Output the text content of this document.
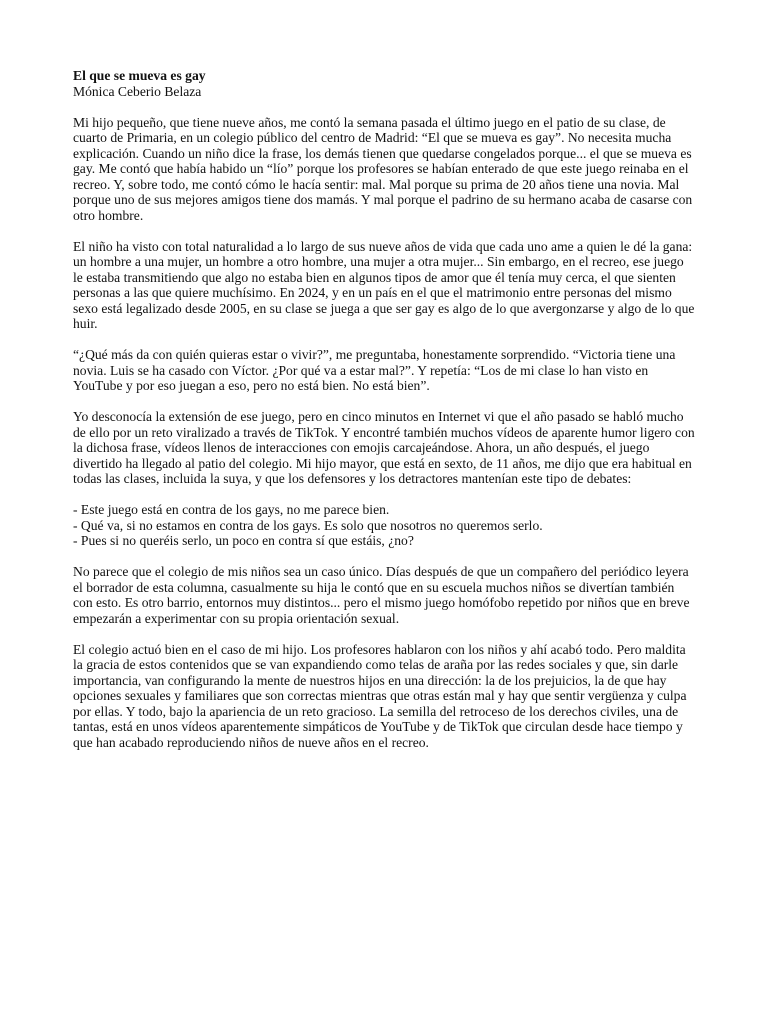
El que se mueva es gay

Mónica Ceberio Belaza

Mi hijo pequeño, que tiene nueve años, me contó la semana pasada el último juego en el patio de su clase, de cuarto de Primaria, en un colegio público del centro de Madrid: “El que se mueva es gay”. No necesita mucha explicación. Cuando un niño dice la frase, los demás tienen que quedarse congelados porque... el que se mueva es gay. Me contó que había habido un “lío” porque los profesores se habían enterado de que este juego reinaba en el recreo. Y, sobre todo, me contó cómo le hacía sentir: mal. Mal porque su prima de 20 años tiene una novia. Mal porque uno de sus mejores amigos tiene dos mamás. Y mal porque el padrino de su hermano acaba de casarse con otro hombre.

El niño ha visto con total naturalidad a lo largo de sus nueve años de vida que cada uno ame a quien le dé la gana: un hombre a una mujer, un hombre a otro hombre, una mujer a otra mujer... Sin embargo, en el recreo, ese juego le estaba transmitiendo que algo no estaba bien en algunos tipos de amor que él tenía muy cerca, el que sienten personas a las que quiere muchísimo. En 2024, y en un país en el que el matrimonio entre personas del mismo sexo está legalizado desde 2005, en su clase se juega a que ser gay es algo de lo que avergonzarse y algo de lo que huir.

“¿Qué más da con quién quieras estar o vivir?”, me preguntaba, honestamente sorprendido. “Victoria tiene una novia. Luis se ha casado con Víctor. ¿Por qué va a estar mal?”. Y repetía: “Los de mi clase lo han visto en YouTube y por eso juegan a eso, pero no está bien. No está bien”.

Yo desconocía la extensión de ese juego, pero en cinco minutos en Internet vi que el año pasado se habló mucho de ello por un reto viralizado a través de TikTok. Y encontré también muchos vídeos de aparente humor ligero con la dichosa frase, vídeos llenos de interacciones con emojis carcajeándose. Ahora, un año después, el juego divertido ha llegado al patio del colegio. Mi hijo mayor, que está en sexto, de 11 años, me dijo que era habitual en todas las clases, incluida la suya, y que los defensores y los detractores mantenían este tipo de debates:

- Este juego está en contra de los gays, no me parece bien.

- Qué va, si no estamos en contra de los gays. Es solo que nosotros no queremos serlo.

- Pues si no queréis serlo, un poco en contra sí que estáis, ¿no?

No parece que el colegio de mis niños sea un caso único. Días después de que un compañero del periódico leyera el borrador de esta columna, casualmente su hija le contó que en su escuela muchos niños se divertían también con esto. Es otro barrio, entornos muy distintos... pero el mismo juego homófobo repetido por niños que en breve empezarán a experimentar con su propia orientación sexual.

El colegio actuó bien en el caso de mi hijo. Los profesores hablaron con los niños y ahí acabó todo. Pero maldita la gracia de estos contenidos que se van expandiendo como telas de araña por las redes sociales y que, sin darle importancia, van configurando la mente de nuestros hijos en una dirección: la de los prejuicios, la de que hay opciones sexuales y familiares que son correctas mientras que otras están mal y hay que sentir vergüenza y culpa por ellas. Y todo, bajo la apariencia de un reto gracioso. La semilla del retroceso de los derechos civiles, una de tantas, está en unos vídeos aparentemente simpáticos de YouTube y de TikTok que circulan desde hace tiempo y que han acabado reproduciendo niños de nueve años en el recreo.
